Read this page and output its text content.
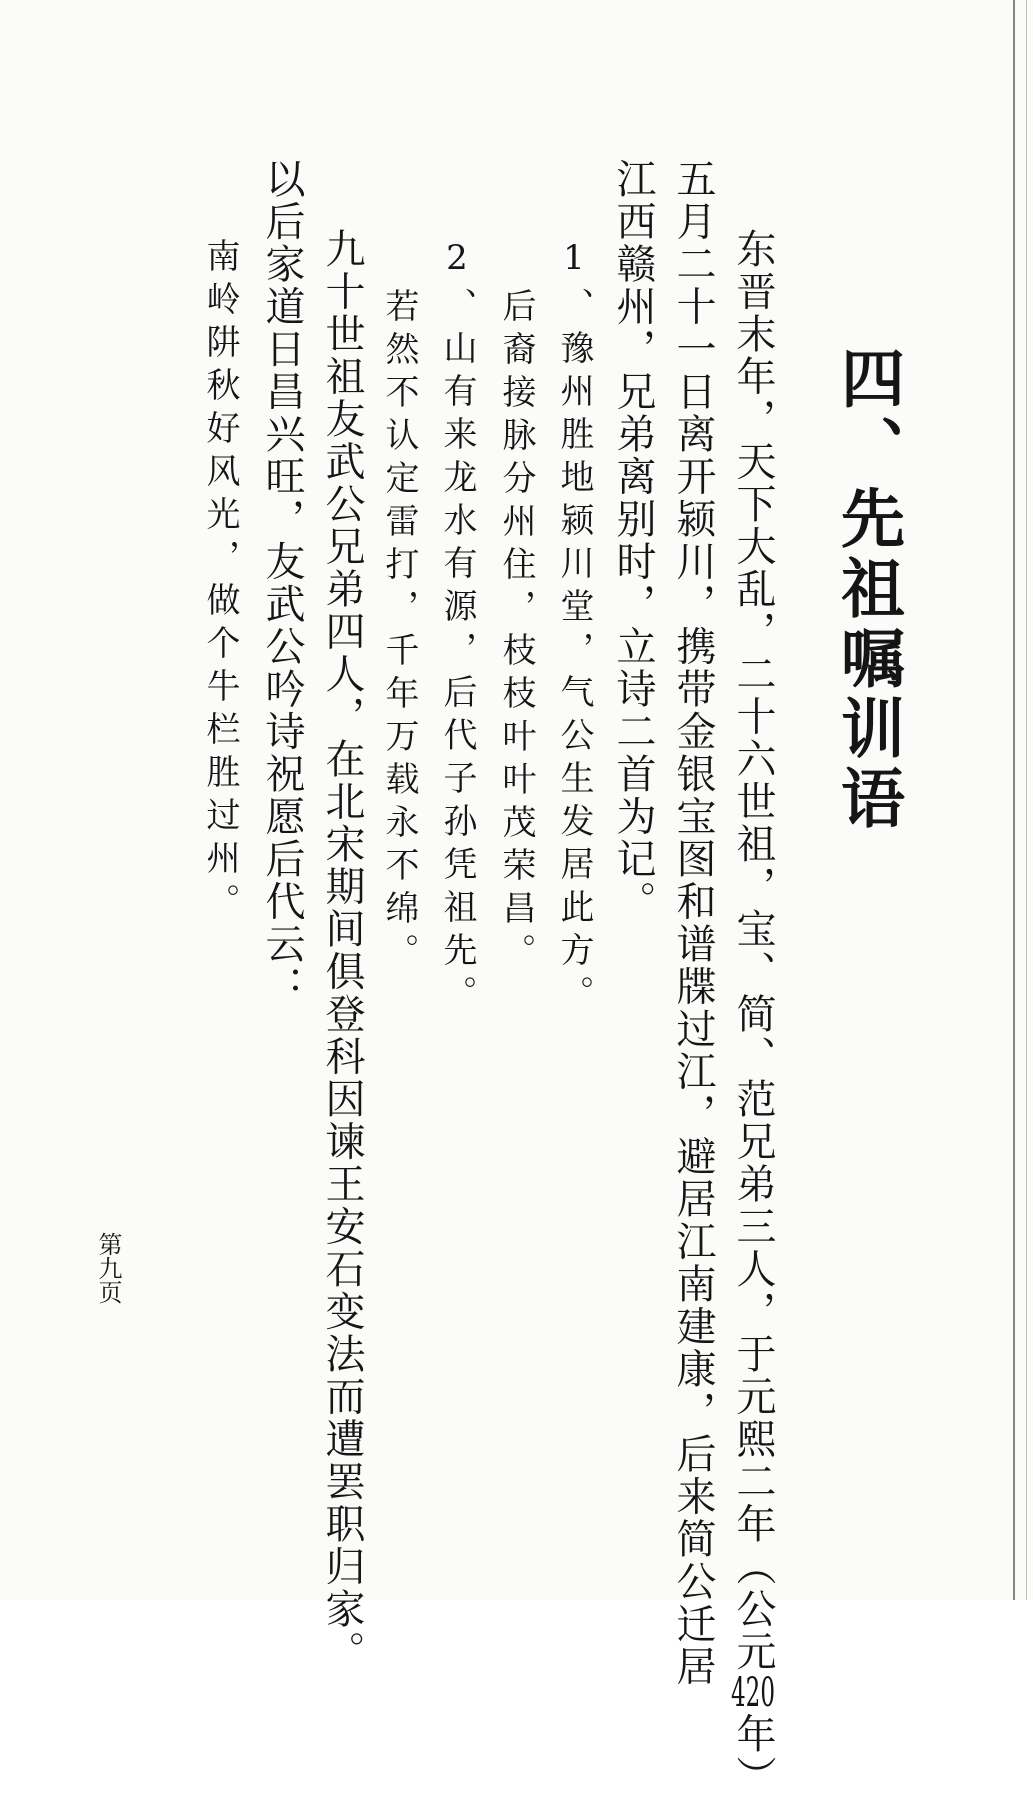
四、先祖嘱训语
东晋末年，天下大乱，二十六世祖，宝、简、范兄弟三人，于元熙二年（公元420年）
五月二十一日离开颍川，携带金银宝图和谱牒过江，避居江南建康，后来简公迁居
江西赣州，兄弟离别时，立诗二首为记。
1、豫州胜地颍川堂，气公生发居此方。
后裔接脉分州住，枝枝叶叶茂荣昌。
2、山有来龙水有源，后代子孙凭祖先。
若然不认定雷打，千年万载永不绵。
九十世祖友武公兄弟四人，在北宋期间俱登科因谏王安石变法而遭罢职归家。
以后家道日昌兴旺，友武公吟诗祝愿后代云：
南岭阱秋好风光，做个牛栏胜过州。
第九页
